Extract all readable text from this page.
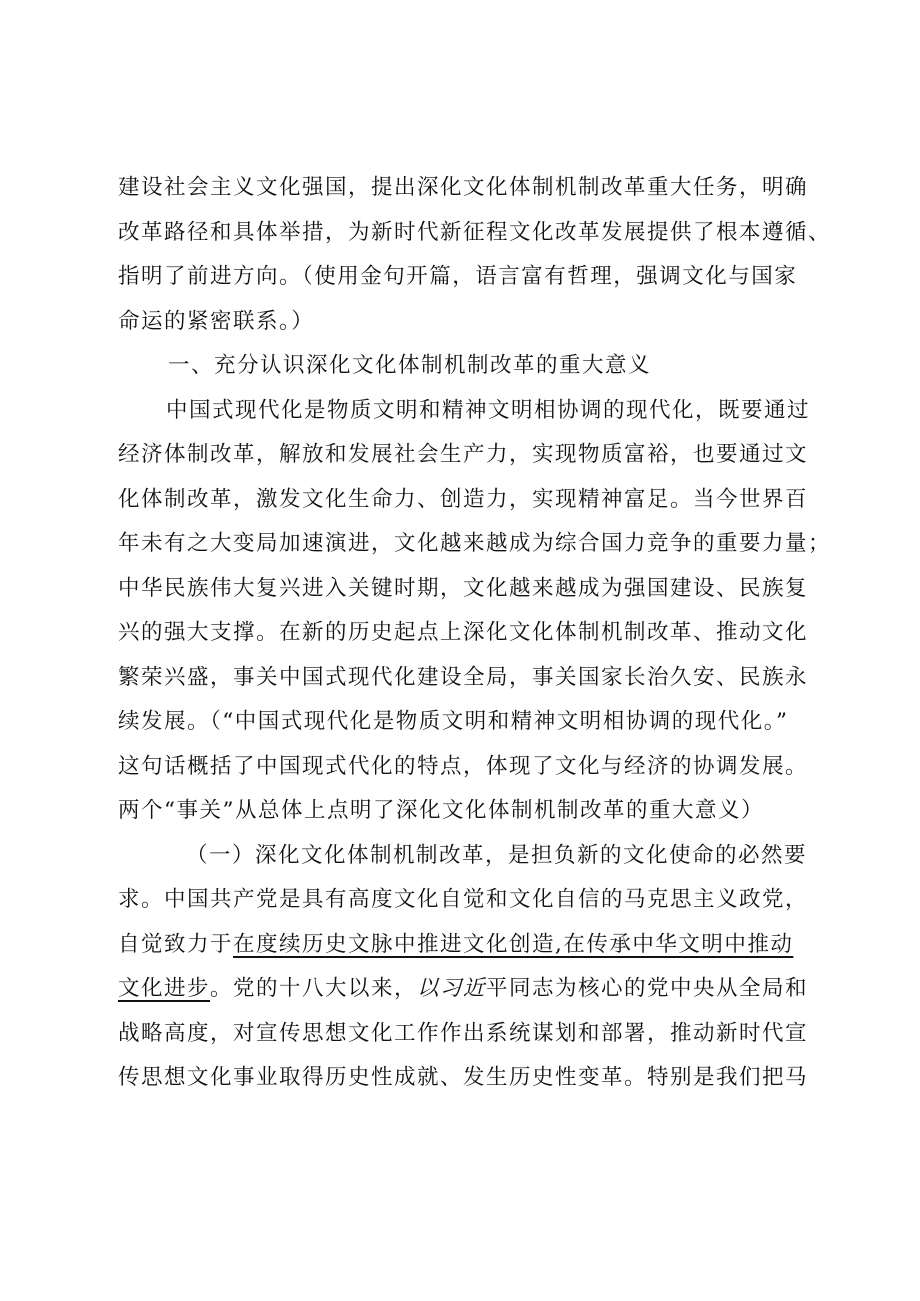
建设社会主义文化强国，提出深化文化体制机制改革重大任务，明确
改革路径和具体举措，为新时代新征程文化改革发展提供了根本遵循、
指明了前进方向。（使用金句开篇，语言富有哲理，强调文化与国家
命运的紧密联系。）
一、充分认识深化文化体制机制改革的重大意义
中国式现代化是物质文明和精神文明相协调的现代化，既要通过
经济体制改革，解放和发展社会生产力，实现物质富裕，也要通过文
化体制改革，激发文化生命力、创造力，实现精神富足。当今世界百
年未有之大变局加速演进，文化越来越成为综合国力竞争的重要力量；
中华民族伟大复兴进入关键时期，文化越来越成为强国建设、民族复
兴的强大支撑。在新的历史起点上深化文化体制机制改革、推动文化
繁荣兴盛，事关中国式现代化建设全局，事关国家长治久安、民族永
续发展。（“中国式现代化是物质文明和精神文明相协调的现代化。”
这句话概括了中国现式代化的特点，体现了文化与经济的协调发展。
两个“事关”从总体上点明了深化文化体制机制改革的重大意义）
（一）深化文化体制机制改革，是担负新的文化使命的必然要
求。中国共产党是具有高度文化自觉和文化自信的马克思主义政党，
自觉致力于在度续历史文脉中推进文化创造,在传承中华文明中推动
文化进步。党的十八大以来，以习近平同志为核心的党中央从全局和
战略高度，对宣传思想文化工作作出系统谋划和部署，推动新时代宣
传思想文化事业取得历史性成就、发生历史性变革。特别是我们把马
